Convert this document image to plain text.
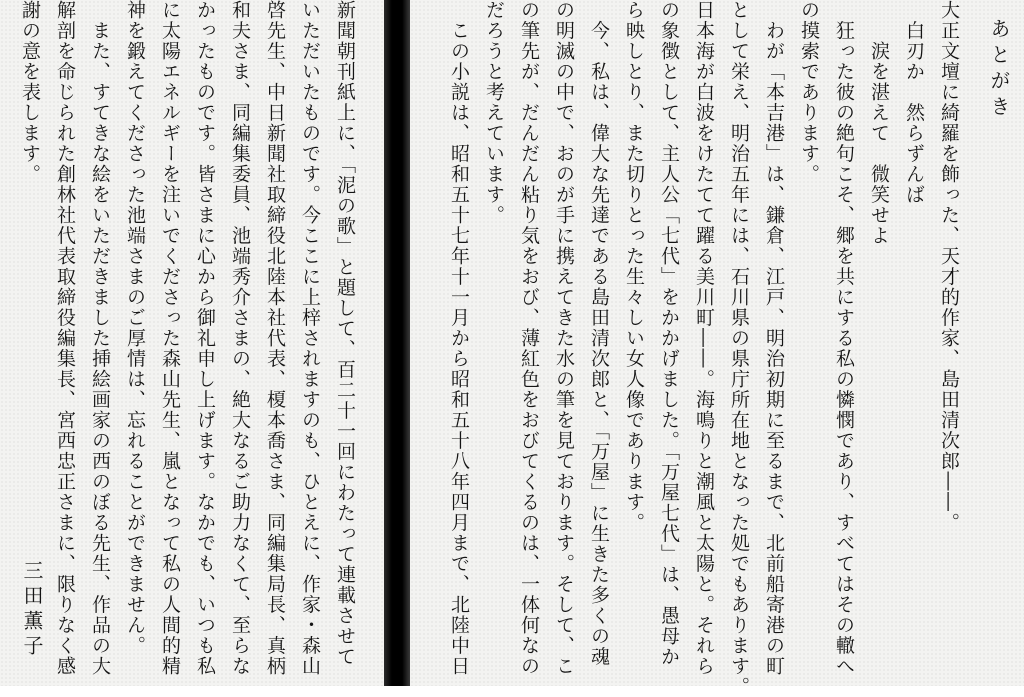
新聞朝刊紙上に、「泥の歌」と題して、百二十一回にわたって連載させて
いただいたものです。今ここに上梓されますのも、ひとえに、作家・森山
啓先生、中日新聞社取締役北陸本社代表、榎本喬さま、同編集局長、真柄
和夫さま、同編集委員、池端秀介さまの、絶大なるご助力なくて、至らな
かったものです。皆さまに心から御礼申し上げます。なかでも、いつも私
に太陽エネルギーを注いでくださった森山先生、嵐となって私の人間的精
神を鍛えてくださった池端さまのご厚情は、忘れることができません。
　また、すてきな絵をいただきました挿絵画家の西のぼる先生、作品の大
解剖を命じられた創林社代表取締役編集長、宮西忠正さまに、限りなく感
謝の意を表します。
三田薫子
あとがき
大正文壇に綺羅を飾った、天才的作家、島田清次郎――。
　白刃か　然らずんば
　　涙を湛えて　微笑せよ
　狂った彼の絶句こそ、郷を共にする私の憐憫であり、すべてはその轍へ
の摸索であります。
　わが「本吉港」は、鎌倉、江戸、明治初期に至るまで、北前船寄港の町
として栄え、明治五年には、石川県の県庁所在地となった処でもあります。
日本海が白波をけたてて躍る美川町――。海鳴りと潮風と太陽と。それら
の象徴として、主人公「七代」をかかげました。「万屋七代」は、愚母か
ら映しとり、また切りとった生々しい女人像であります。
　今、私は、偉大な先達である島田清次郎と、「万屋」に生きた多くの魂
の明滅の中で、おのが手に携えてきた水の筆を見ております。そして、こ
の筆先が、だんだん粘り気をおび、薄紅色をおびてくるのは、一体何なの
だろうと考えています。
　この小説は、昭和五十七年十一月から昭和五十八年四月まで、北陸中日
